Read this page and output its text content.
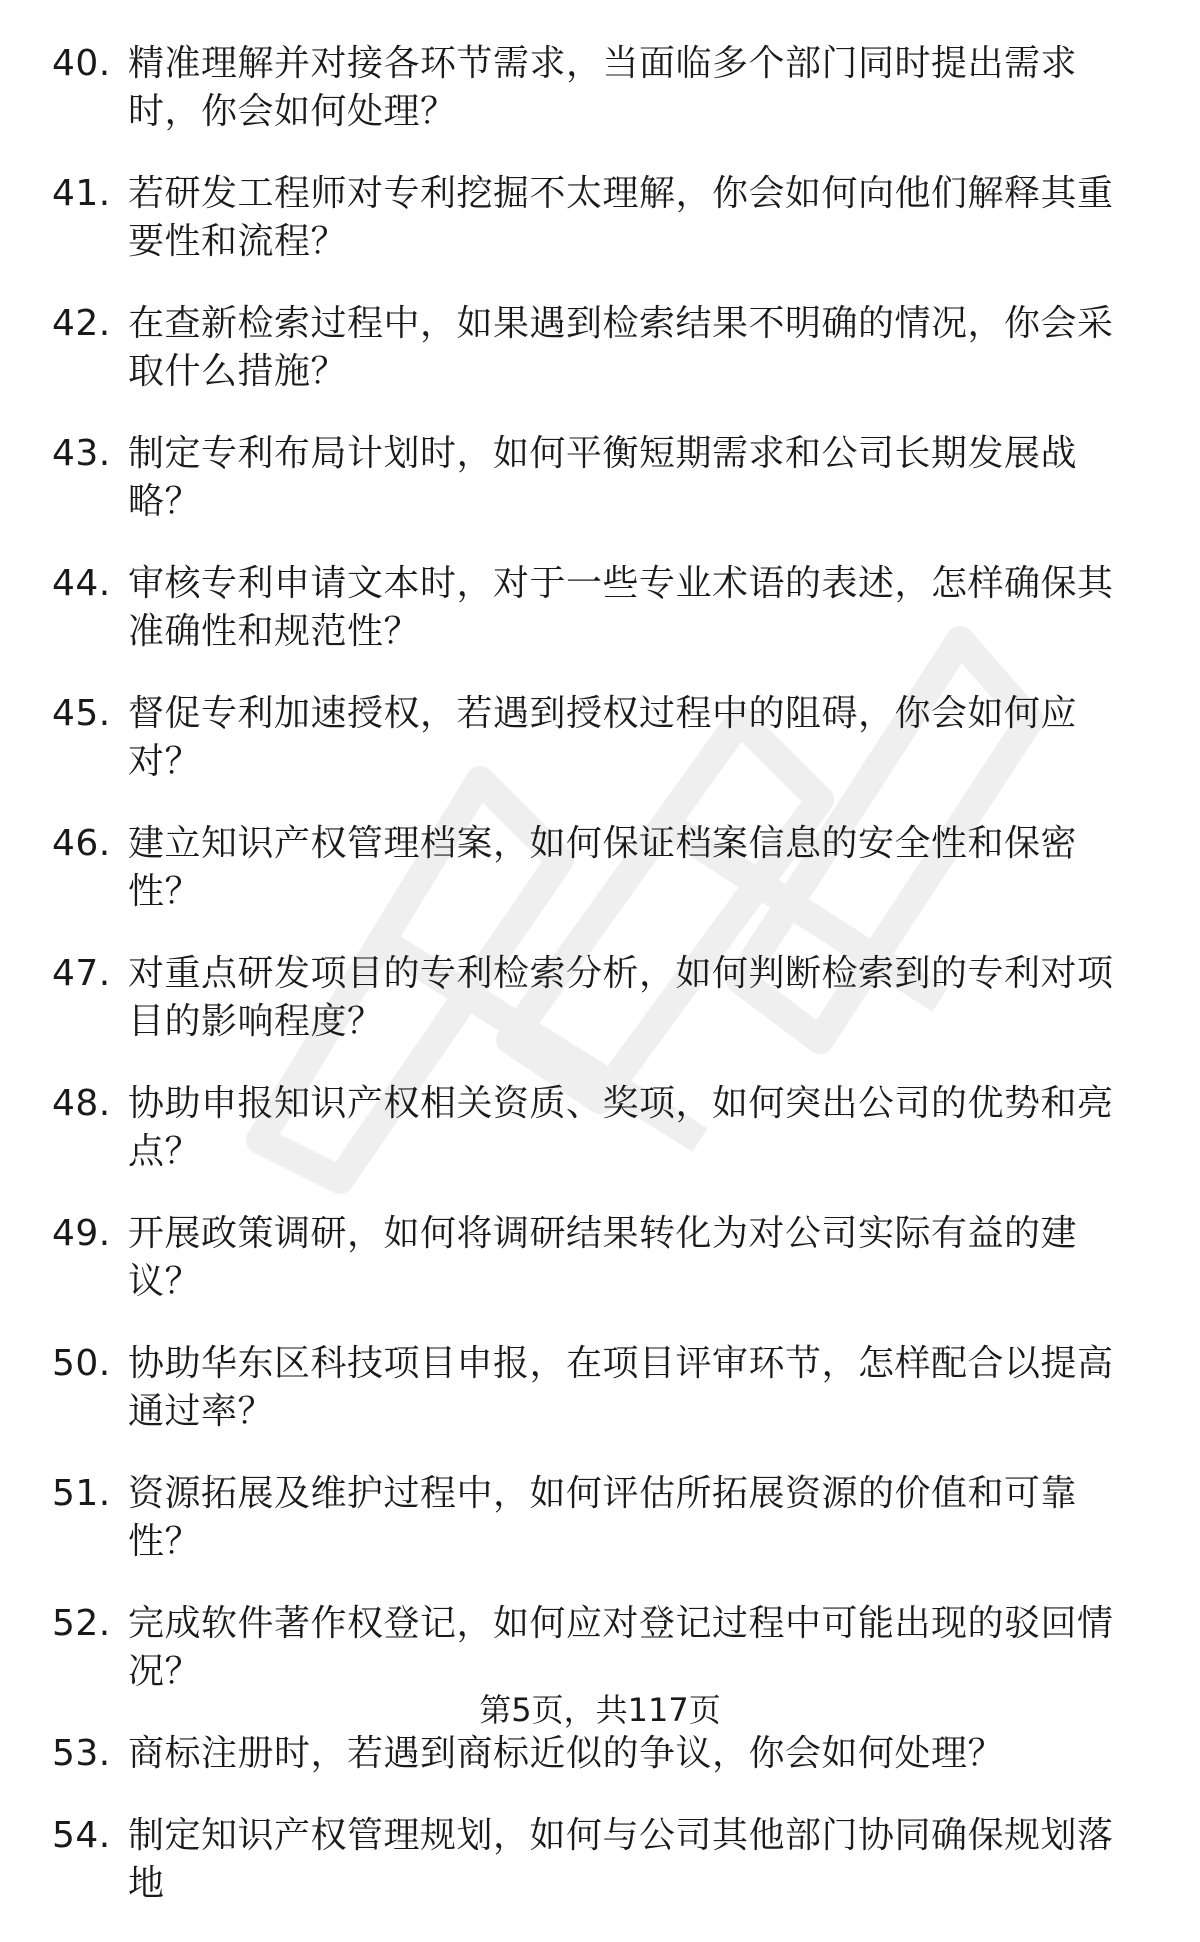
40. 精准理解并对接各环节需求，当面临多个部门同时提出需求时，你会如何处理？
41. 若研发工程师对专利挖掘不太理解，你会如何向他们解释其重要性和流程？
42. 在查新检索过程中，如果遇到检索结果不明确的情况，你会采取什么措施？
43. 制定专利布局计划时，如何平衡短期需求和公司长期发展战略？
44. 审核专利申请文本时，对于一些专业术语的表述，怎样确保其准确性和规范性？
45. 督促专利加速授权，若遇到授权过程中的阻碍，你会如何应对？
46. 建立知识产权管理档案，如何保证档案信息的安全性和保密性？
47. 对重点研发项目的专利检索分析，如何判断检索到的专利对项目的影响程度？
48. 协助申报知识产权相关资质、奖项，如何突出公司的优势和亮点？
49. 开展政策调研，如何将调研结果转化为对公司实际有益的建议？
50. 协助华东区科技项目申报，在项目评审环节，怎样配合以提高通过率？
51. 资源拓展及维护过程中，如何评估所拓展资源的价值和可靠性？
52. 完成软件著作权登记，如何应对登记过程中可能出现的驳回情况？
53. 商标注册时，若遇到商标近似的争议，你会如何处理？
54. 制定知识产权管理规划，如何与公司其他部门协同确保规划落地
第5页，共117页
